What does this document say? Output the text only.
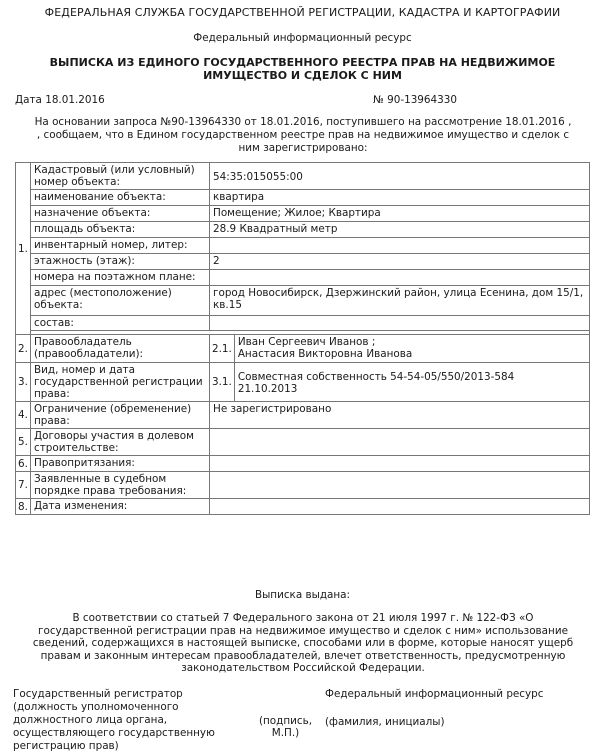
ФЕДЕРАЛЬНАЯ СЛУЖБА ГОСУДАРСТВЕННОЙ РЕГИСТРАЦИИ, КАДАСТРА И КАРТОГРАФИИ
Федеральный информационный ресурс
ВЫПИСКА ИЗ ЕДИНОГО ГОСУДАРСТВЕННОГО РЕЕСТРА ПРАВ НА НЕДВИЖИМОЕ
ИМУЩЕСТВО И СДЕЛОК С НИМ
Дата 18.01.2016	№ 90-13964330
На основании запроса №90-13964330 от 18.01.2016, поступившего на рассмотрение 18.01.2016 ,
, сообщаем, что в Едином государственном реестре прав на недвижимое имущество и сделок с
ним зарегистрировано:
1.	Кадастровый (или условный) номер объекта:	54:35:015055:00	
	наименование объекта:	квартира	
	назначение объекта:	Помещение; Жилое; Квартира	
	площадь объекта:	28.9 Квадратный метр	
	инвентарный номер, литер:		
	этажность (этаж):	2	
	номера на поэтажном плане:		
	адрес (местоположение) объекта:	город Новосибирск, Дзержинский район, улица Есенина, дом 15/1, кв.15	
	состав:		

2.	Правообладатель (правообладатели):	2.1.	Иван Сергеевич Иванов ;
Анастасия Викторовна Иванова

3.	Вид, номер и дата государственной регистрации права:	3.1.	Совместная собственность 54-54-05/550/2013-584
21.10.2013

4.	Ограничение (обременение) права:	Не зарегистрировано	
5.	Договоры участия в долевом строительстве:		
6.	Правопритязания:		
7.	Заявленные в судебном порядке права требования:		
8.	Дата изменения:		
Выписка выдана:
В соответствии со статьей 7 Федерального закона от 21 июля 1997 г. № 122-ФЗ «О
государственной регистрации прав на недвижимое имущество и сделок с ним» использование
сведений, содержащихся в настоящей выписке, способами или в форме, которые наносят ущерб
правам и законным интересам правообладателей, влечет ответственность, предусмотренную
законодательством Российской Федерации.
Государственный регистратор
(должность уполномоченного
должностного лица органа,
осуществляющего государственную
регистрацию прав)
(подпись,
М.П.)
Федеральный информационный ресурс
(фамилия, инициалы)
